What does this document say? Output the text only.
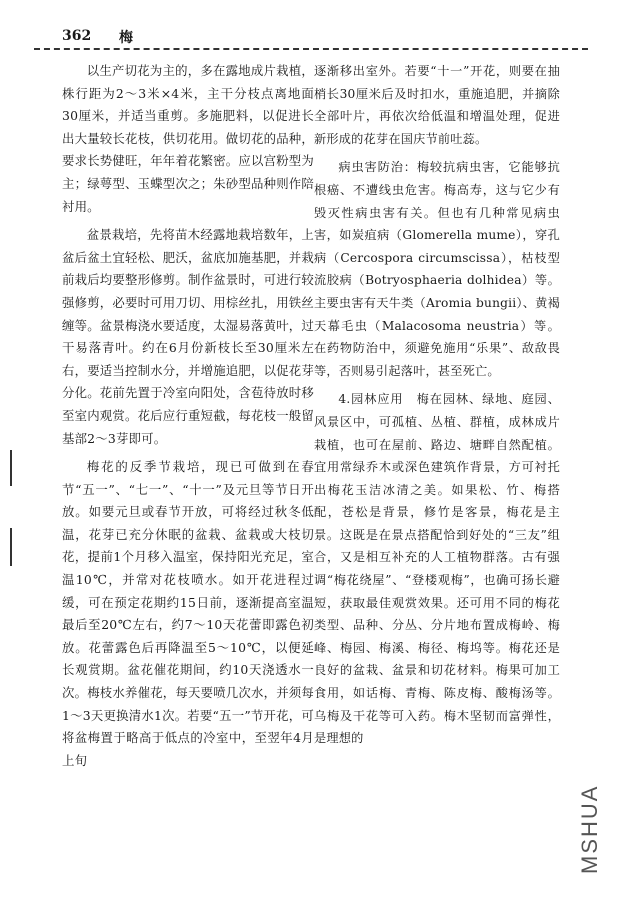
362 梅

以生产切花为主的，多在露地成片栽植，株行距为2～3米×4米，主干分枝点离地面30厘米，并适当重剪。多施肥料，以促进长出大量较长花枝，供切花用。做切花的品种，要求长势健旺，年年着花繁密。应以宫粉型为主；绿萼型、玉蝶型次之；朱砂型品种则作陪衬用。

盆景栽培，先将苗木经露地栽培数年，上盆后盆土宜轻松、肥沃，盆底加施基肥，并栽前栽后均要整形修剪。制作盆景时，可进行较强修剪，必要时可用刀切、用棕丝扎，用铁丝缠等。盆景梅浇水要适度，太湿易落黄叶，过干易落青叶。约在6月份新枝长至30厘米左右，要适当控制水分，并增施追肥，以促花芽分化。花前先置于冷室向阳处，含苞待放时移至室内观赏。花后应行重短截，每花枝一般留基部2～3芽即可。

梅花的反季节栽培，现已可做到在春节“五一”、“七一”、“十一”及元旦等节日开放。如要元旦或春节开放，可将经过秋冬低温，花芽已充分休眠的盆栽、盆栽或大枝切花，提前1个月移入温室，保持阳光充足，室温10℃，并常对花枝喷水。如开花进程过缓，可在预定花期约15日前，逐渐提高室温最后至20℃左右，约7～10天花蕾即露色初放。花蕾露色后再降温至5～10℃，以便延长观赏期。盆花催花期间，约10天浇透水一次。梅枝水养催花，每天要喷几次水，并须每1～3天更换清水1次。若要“五一”节开花，可将盆梅置于略高于低点的冷室中，至翌年4月上旬

逐渐移出室外。若要“十一”开花，则要在抽梢长30厘米后及时扣水，重施追肥，并摘除全部叶片，再依次给低温和增温处理，促进新形成的花芽在国庆节前吐蕊。

病虫害防治：梅较抗病虫害，它能够抗根癌、不遭线虫危害。梅高寿，这与它少有毁灭性病虫害有关。但也有几种常见病虫害，如炭疽病（Glomerella mume），穿孔病（Cercospora circumscissa），枯枝型流胶病（Botryosphaeria dolhidea）等。主要虫害有天牛类（Aromia bungii）、黄褐天幕毛虫（Malacosoma neustria）等。在药物防治中，须避免施用“乐果”、敌敌畏等，否则易引起落叶，甚至死亡。

4.园林应用　梅在园林、绿地、庭园、风景区中，可孤植、丛植、群植，成林成片栽植，也可在屋前、路边、塘畔自然配植。宜用常绿乔木或深色建筑作背景，方可衬托出梅花玉洁冰清之美。如果松、竹、梅搭配，苍松是背景，修竹是客景，梅花是主景。这既是在景点搭配恰到好处的“三友”组合，又是相互补充的人工植物群落。古有强调“梅花绕屋”、“登楼观梅”，也确可扬长避短，获取最佳观赏效果。还可用不同的梅花类型、品种、分丛、分片地布置成梅岭、梅峰、梅园、梅溪、梅径、梅坞等。梅花还是良好的盆栽、盆景和切花材料。梅果可加工食用，如话梅、青梅、陈皮梅、酸梅汤等。乌梅及干花等可入药。梅木坚韧而富弹性，是理想的

MSHUA
